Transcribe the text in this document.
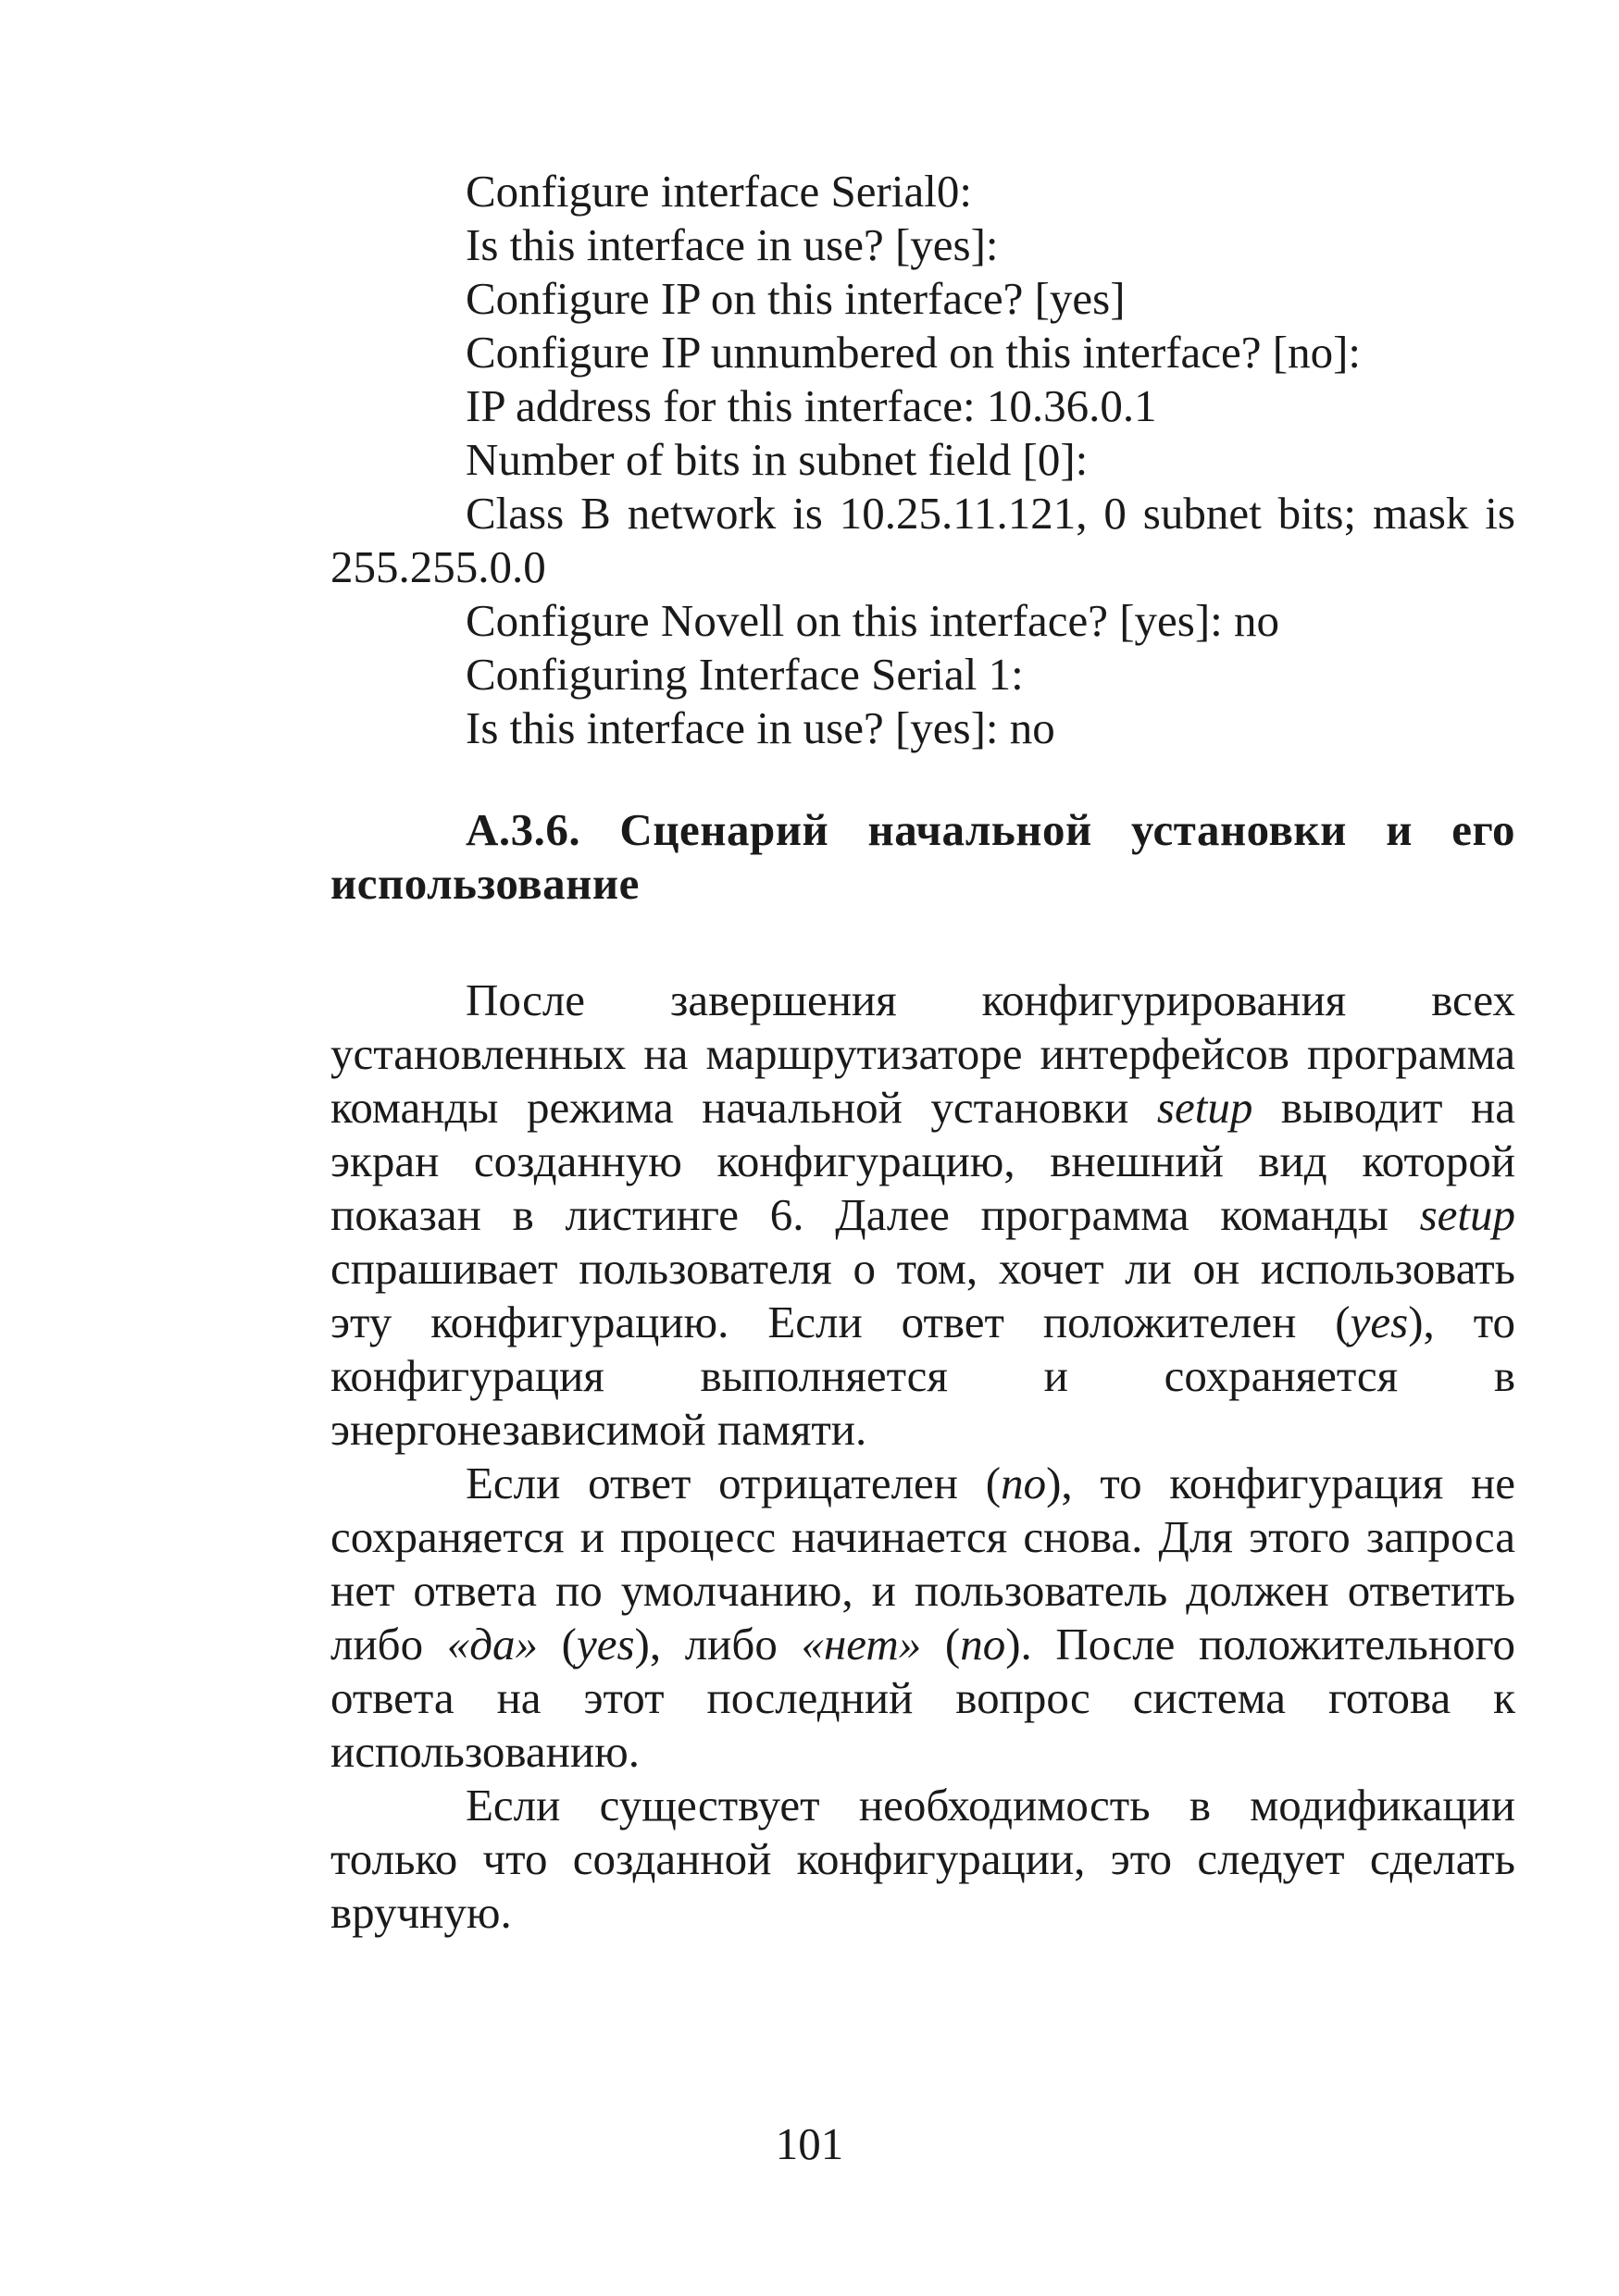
Configure interface Serial0:
Is this interface in use? [yes]:
Configure IP on this interface? [yes]
Configure IP unnumbered on this interface? [no]:
IP address for this interface: 10.36.0.1
Number of bits in subnet field [0]:
Class B network is 10.25.11.121, 0 subnet bits; mask is
255.255.0.0
Configure Novell on this interface? [yes]: no
Configuring Interface Serial 1:
Is this interface in use? [yes]: no
А.3.6. Сценарий начальной установки и его использование

После завершения конфигурирования всех установленных на маршрутизаторе интерфейсов программа команды режима начальной установки setup выводит на экран созданную конфигурацию, внешний вид которой показан в листинге 6. Далее программа команды setup спрашивает пользователя о том, хочет ли он использовать эту конфигурацию. Если ответ положителен (yes), то конфигурация выполняется и сохраняется в энергонезависимой памяти.

Если ответ отрицателен (no), то конфигурация не сохраняется и процесс начинается снова. Для этого запроса нет ответа по умолчанию, и пользователь должен ответить либо «да» (yes), либо «нет» (no). После положительного ответа на этот последний вопрос система готова к использованию.

Если существует необходимость в модификации только что созданной конфигурации, это следует сделать вручную.

101
